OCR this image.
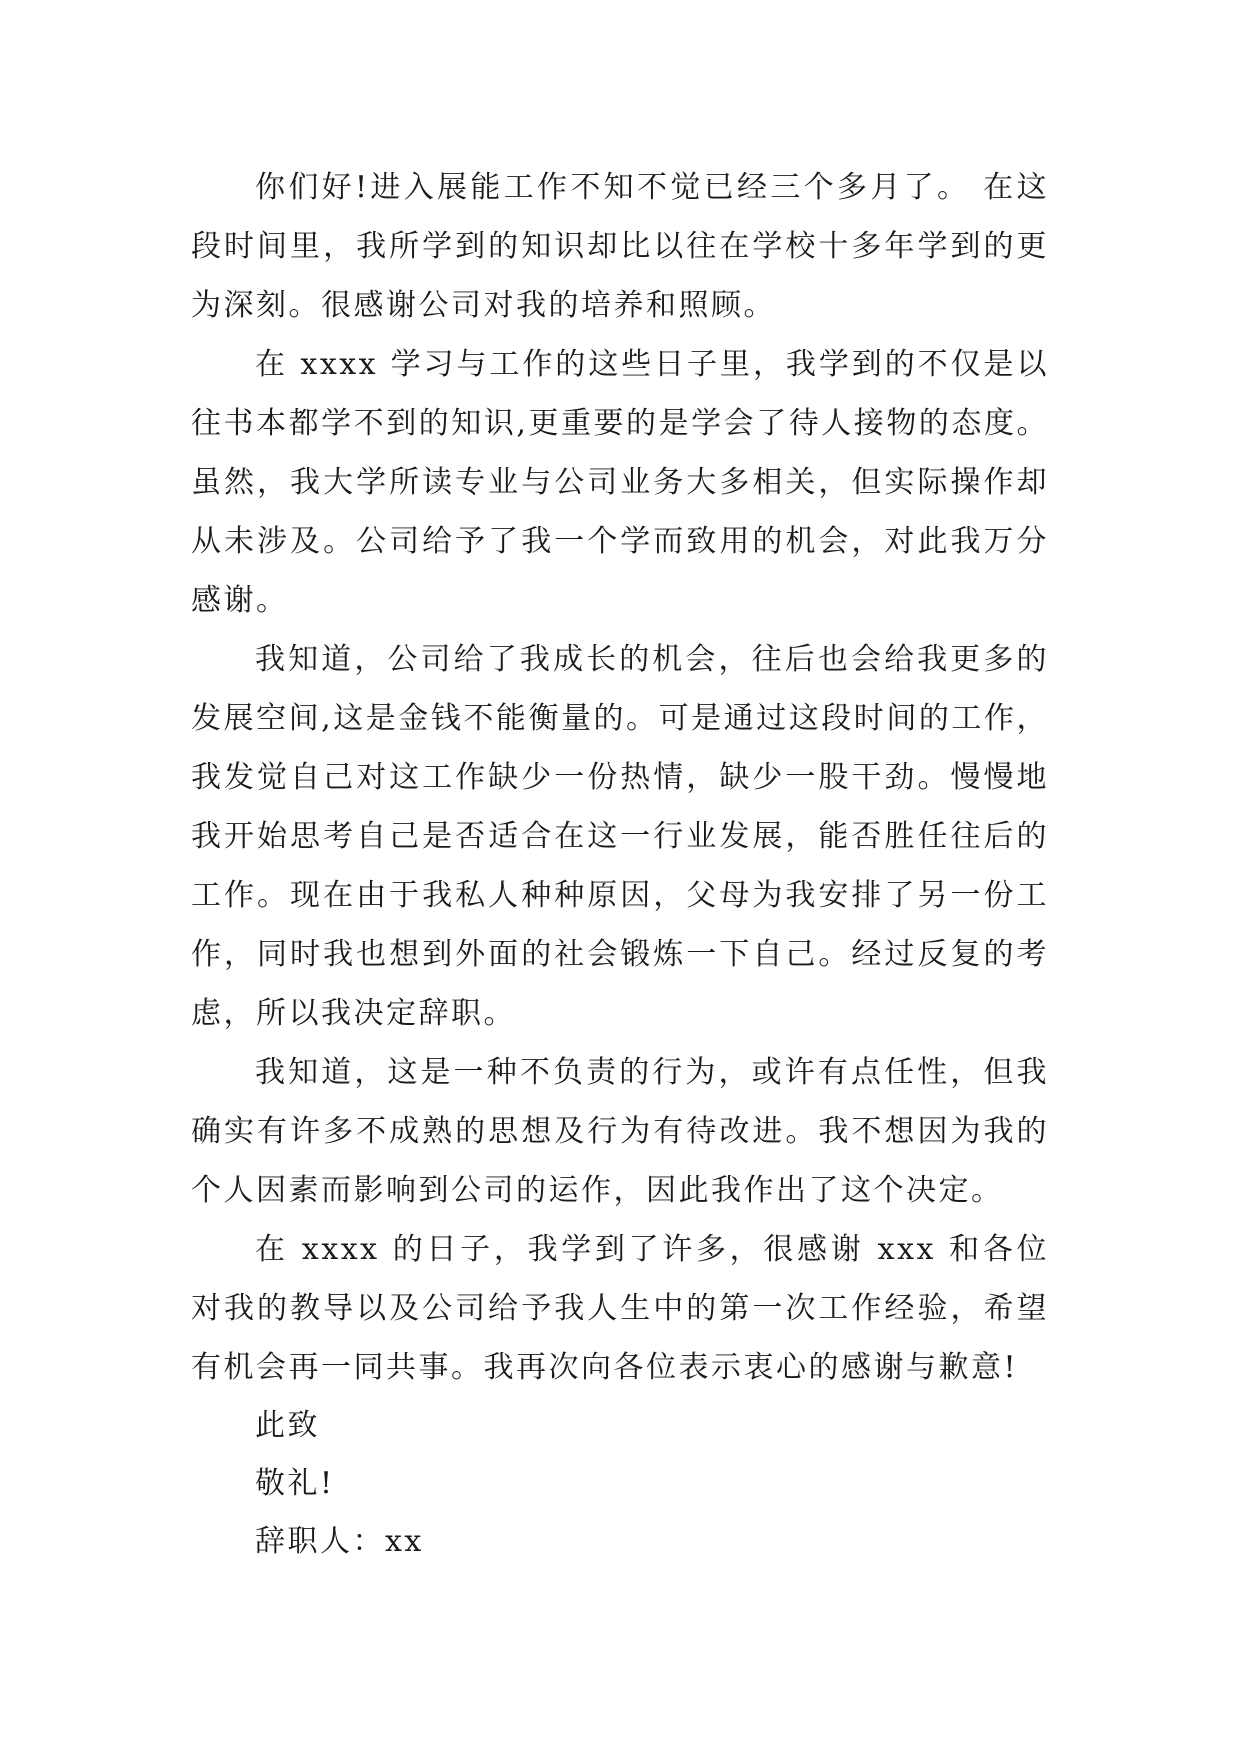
你们好!进入展能工作不知不觉已经三个多月了。 在这段时间里，我所学到的知识却比以往在学校十多年学到的更为深刻。很感谢公司对我的培养和照顾。

在 xxxx 学习与工作的这些日子里，我学到的不仅是以往书本都学不到的知识,更重要的是学会了待人接物的态度。虽然，我大学所读专业与公司业务大多相关，但实际操作却从未涉及。公司给予了我一个学而致用的机会，对此我万分感谢。

我知道，公司给了我成长的机会，往后也会给我更多的发展空间,这是金钱不能衡量的。可是通过这段时间的工作，我发觉自己对这工作缺少一份热情，缺少一股干劲。慢慢地我开始思考自己是否适合在这一行业发展，能否胜任往后的工作。现在由于我私人种种原因，父母为我安排了另一份工作，同时我也想到外面的社会锻炼一下自己。经过反复的考虑，所以我决定辞职。

我知道，这是一种不负责的行为，或许有点任性，但我确实有许多不成熟的思想及行为有待改进。我不想因为我的个人因素而影响到公司的运作，因此我作出了这个决定。

在 xxxx 的日子，我学到了许多，很感谢 xxx 和各位对我的教导以及公司给予我人生中的第一次工作经验，希望有机会再一同共事。我再次向各位表示衷心的感谢与歉意!

此致
敬礼!
辞职人：xx
